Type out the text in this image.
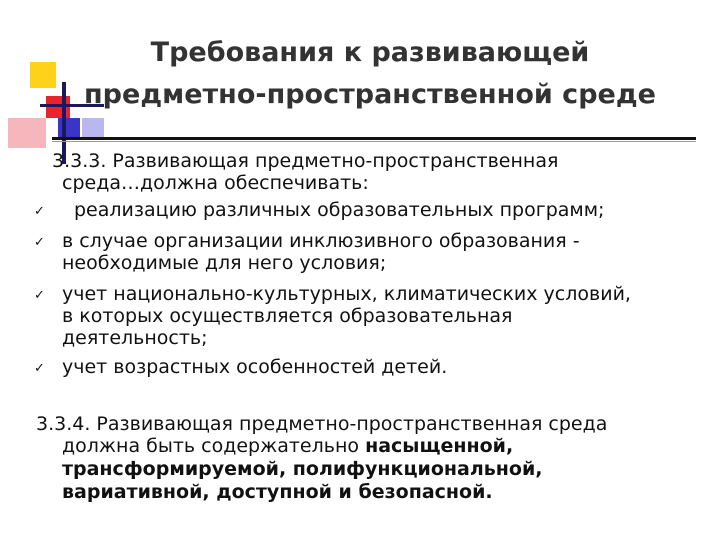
Требования к развивающей
предметно-пространственной среде
3.3.3. Развивающая предметно-пространственная
среда…должна обеспечивать:
✓ реализацию различных образовательных программ;
✓ в случае организации инклюзивного образования -
необходимые для него условия;
✓ учет национально-культурных, климатических условий,
в которых осуществляется образовательная
деятельность;
✓ учет возрастных особенностей детей.
3.3.4. Развивающая предметно-пространственная среда
должна быть содержательно насыщенной,
трансформируемой, полифункциональной,
вариативной, доступной и безопасной.
